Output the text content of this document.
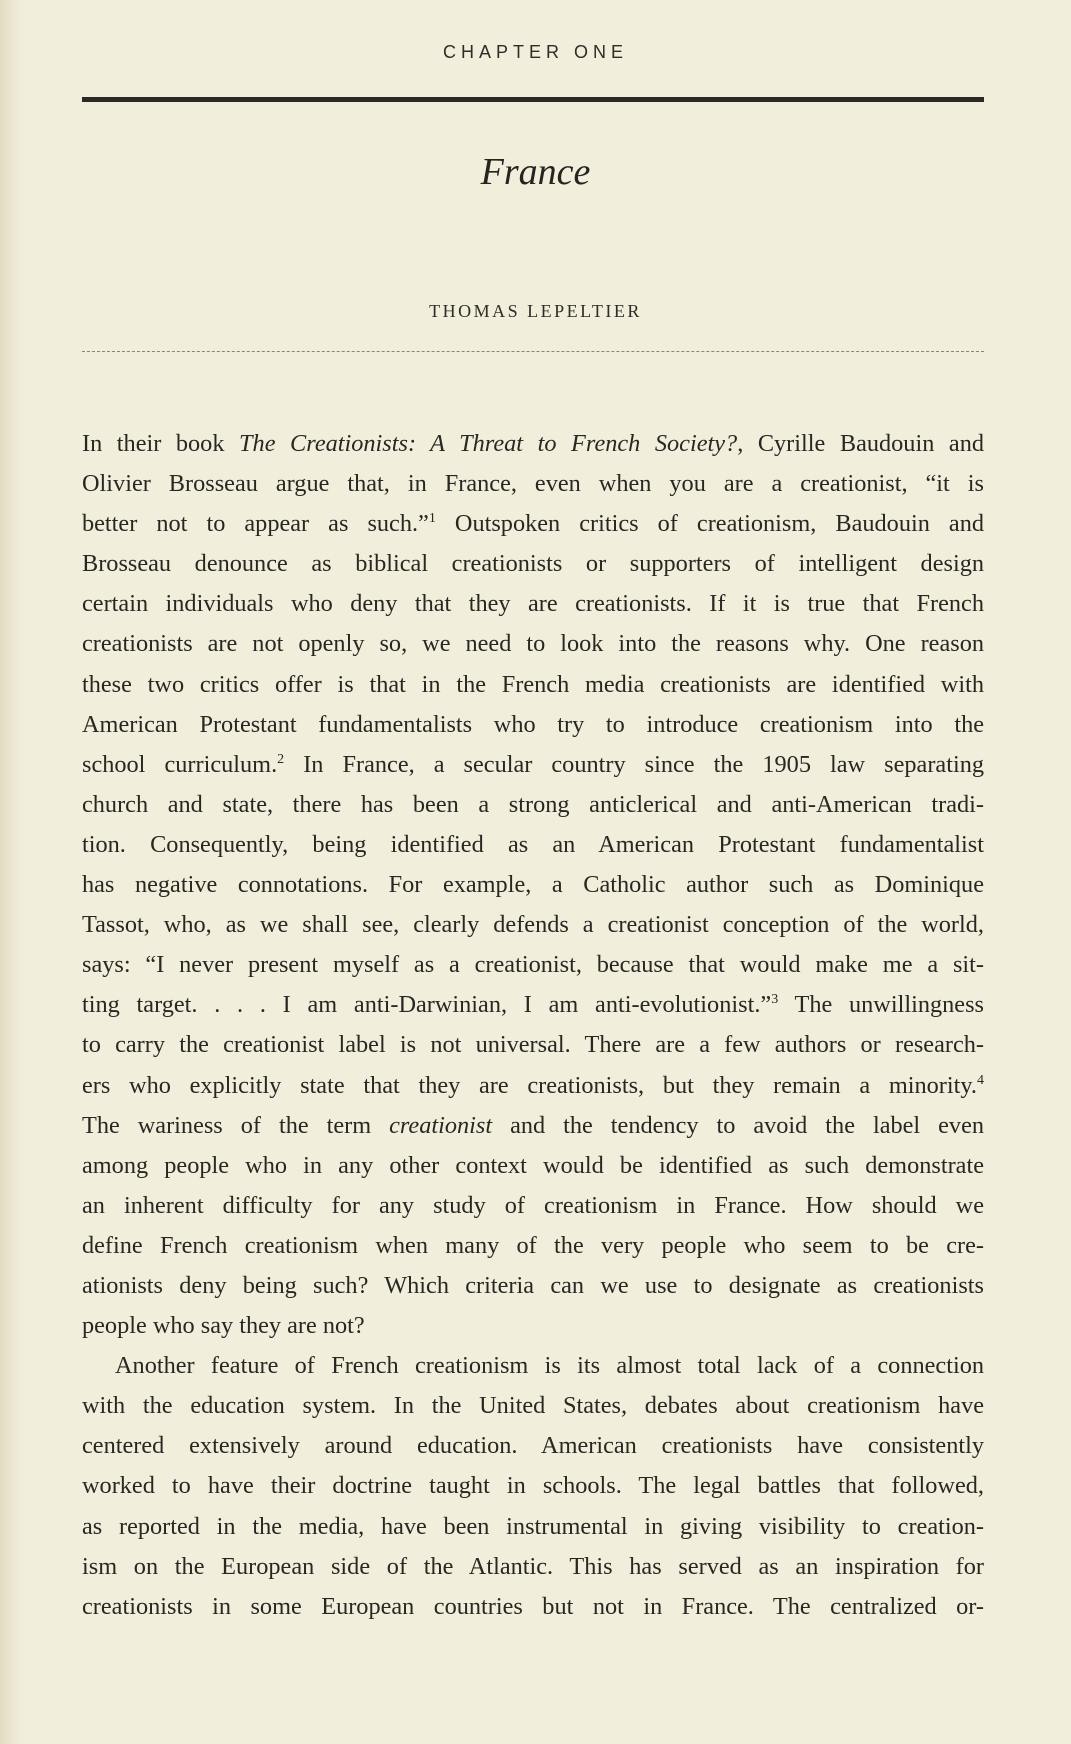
CHAPTER ONE
France
THOMAS LEPELTIER
In their book The Creationists: A Threat to French Society?, Cyrille Baudouin and
Olivier Brosseau argue that, in France, even when you are a creationist, “it is
better not to appear as such.”$^1$ Outspoken critics of creationism, Baudouin and
Brosseau denounce as biblical creationists or supporters of intelligent design
certain individuals who deny that they are creationists. If it is true that French
creationists are not openly so, we need to look into the reasons why. One reason
these two critics offer is that in the French media creationists are identified with
American Protestant fundamentalists who try to introduce creationism into the
school curriculum.$^2$ In France, a secular country since the 1905 law separating
church and state, there has been a strong anticlerical and anti-American tradi-
tion. Consequently, being identified as an American Protestant fundamentalist
has negative connotations. For example, a Catholic author such as Dominique
Tassot, who, as we shall see, clearly defends a creationist conception of the world,
says: “I never present myself as a creationist, because that would make me a sit-
ting target. . . . I am anti-Darwinian, I am anti-evolutionist.”$^3$ The unwillingness
to carry the creationist label is not universal. There are a few authors or research-
ers who explicitly state that they are creationists, but they remain a minority.$^4$
The wariness of the term creationist and the tendency to avoid the label even
among people who in any other context would be identified as such demonstrate
an inherent difficulty for any study of creationism in France. How should we
define French creationism when many of the very people who seem to be cre-
ationists deny being such? Which criteria can we use to designate as creationists
people who say they are not?
Another feature of French creationism is its almost total lack of a connection
with the education system. In the United States, debates about creationism have
centered extensively around education. American creationists have consistently
worked to have their doctrine taught in schools. The legal battles that followed,
as reported in the media, have been instrumental in giving visibility to creation-
ism on the European side of the Atlantic. This has served as an inspiration for
creationists in some European countries but not in France. The centralized or-
